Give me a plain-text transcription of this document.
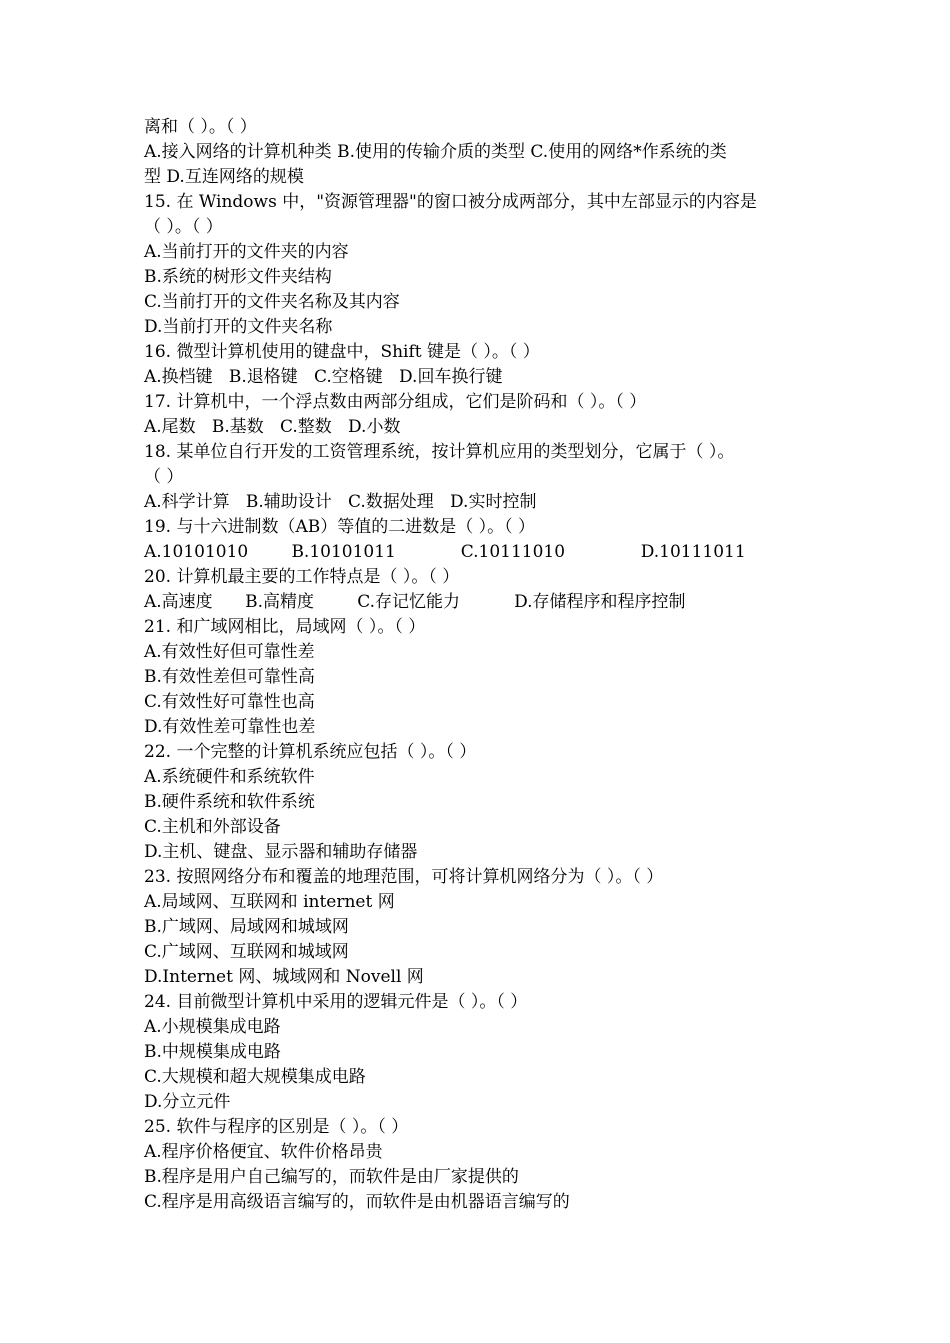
离和（ ）。（ ）
A.接入网络的计算机种类 B.使用的传输介质的类型 C.使用的网络*作系统的类
型 D.互连网络的规模
15. 在 Windows 中，"资源管理器"的窗口被分成两部分，其中左部显示的内容是
（ ）。（ ）
A.当前打开的文件夹的内容
B.系统的树形文件夹结构
C.当前打开的文件夹名称及其内容
D.当前打开的文件夹名称
16. 微型计算机使用的键盘中，Shift 键是（ ）。（ ）
A.换档键   B.退格键   C.空格键   D.回车换行键
17. 计算机中，一个浮点数由两部分组成，它们是阶码和（ ）。（ ）
A.尾数   B.基数   C.整数   D.小数
18. 某单位自行开发的工资管理系统，按计算机应用的类型划分，它属于（ ）。
（ ）
A.科学计算   B.辅助设计   C.数据处理   D.实时控制
19. 与十六进制数（AB）等值的二进数是（ ）。（ ）
A.10101010        B.10101011            C.10111010              D.10111011
20. 计算机最主要的工作特点是（ ）。（ ）
A.高速度      B.高精度        C.存记忆能力          D.存储程序和程序控制
21. 和广域网相比，局域网（ ）。（ ）
A.有效性好但可靠性差
B.有效性差但可靠性高
C.有效性好可靠性也高
D.有效性差可靠性也差
22. 一个完整的计算机系统应包括（ ）。（ ）
A.系统硬件和系统软件
B.硬件系统和软件系统
C.主机和外部设备
D.主机、键盘、显示器和辅助存储器
23. 按照网络分布和覆盖的地理范围，可将计算机网络分为（ ）。（ ）
A.局域网、互联网和 internet 网
B.广域网、局域网和城域网
C.广域网、互联网和城域网
D.Internet 网、城域网和 Novell 网
24. 目前微型计算机中采用的逻辑元件是（ ）。（ ）
A.小规模集成电路
B.中规模集成电路
C.大规模和超大规模集成电路
D.分立元件
25. 软件与程序的区别是（ ）。（ ）
A.程序价格便宜、软件价格昂贵
B.程序是用户自己编写的，而软件是由厂家提供的
C.程序是用高级语言编写的，而软件是由机器语言编写的
